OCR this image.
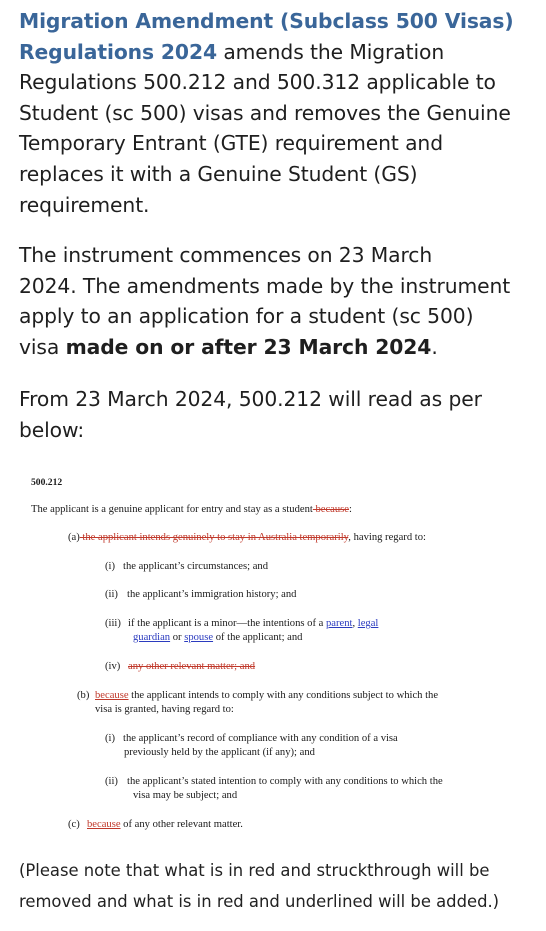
Migration Amendment (Subclass 500 Visas)
Regulations 2024 amends the Migration
Regulations 500.212 and 500.312 applicable to
Student (sc 500) visas and removes the Genuine
Temporary Entrant (GTE) requirement and
replaces it with a Genuine Student (GS)
requirement.
The instrument commences on 23 March
2024. The amendments made by the instrument
apply to an application for a student (sc 500)
visa made on or after 23 March 2024.
From 23 March 2024, 500.212 will read as per
below:
500.212
The applicant is a genuine applicant for entry and stay as a student because:
(a) the applicant intends genuinely to stay in Australia temporarily, having regard to:
(i) the applicant’s circumstances; and
(ii) the applicant’s immigration history; and
(iii) if the applicant is a minor—the intentions of a parent, legal
guardian or spouse of the applicant; and
(iv) any other relevant matter; and
(b) because the applicant intends to comply with any conditions subject to which the
visa is granted, having regard to:
(i) the applicant’s record of compliance with any condition of a visa
previously held by the applicant (if any); and
(ii) the applicant’s stated intention to comply with any conditions to which the
visa may be subject; and
(c) because of any other relevant matter.
(Please note that what is in red and struckthrough will be
removed and what is in red and underlined will be added.)
